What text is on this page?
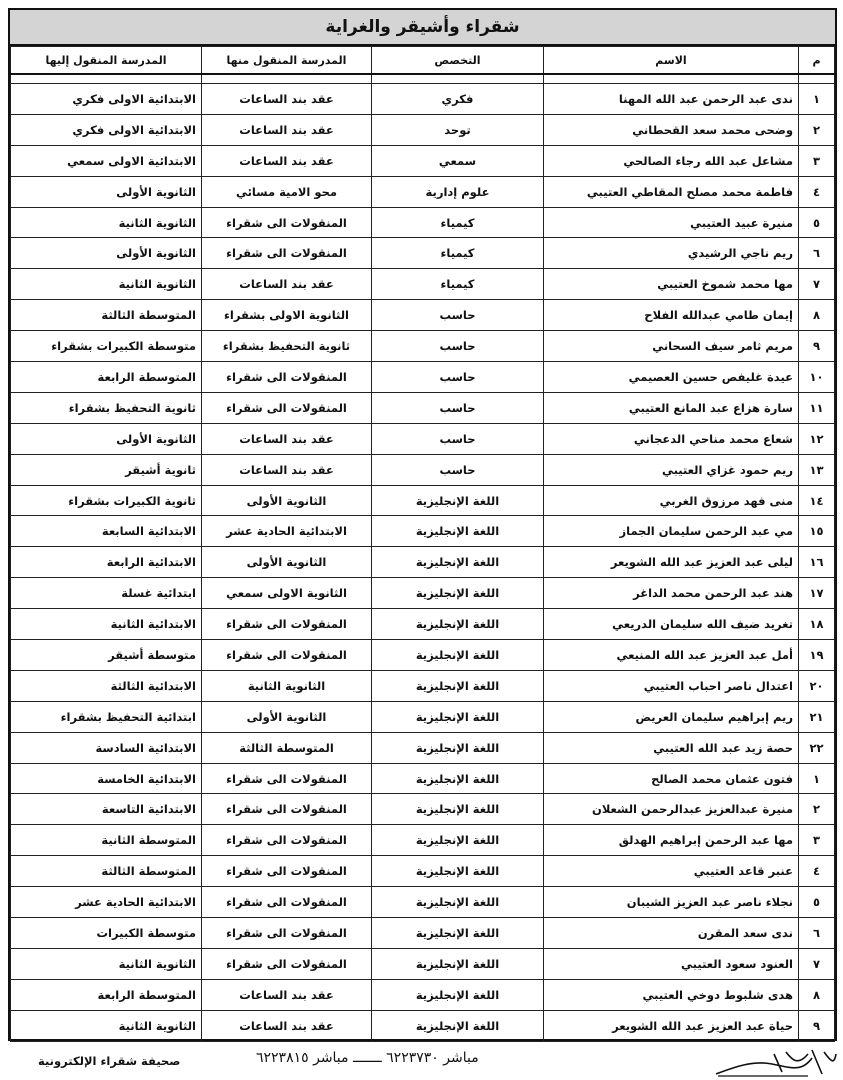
شقراء وأشيقر والغراية
م	الاسم	التخصص	المدرسة المنقول منها	المدرسة المنقول إليها

١	ندى عبد الرحمن عبد الله المهنا	فكري	عقد بند الساعات	الابتدائية الاولى فكري
٢	وضحى محمد سعد القحطاني	توحد	عقد بند الساعات	الابتدائية الاولى فكري
٣	مشاعل عبد الله رجاء الصالحي	سمعي	عقد بند الساعات	الابتدائية الاولى سمعي
٤	فاطمة محمد مصلح المقاطي العتيبي	علوم إدارية	محو الامية مسائي	الثانوية الأولى
٥	منيرة عبيد العتيبي	كيمياء	المنقولات الى شقراء	الثانوية الثانية
٦	ريم ناجي الرشيدي	كيمياء	المنقولات الى شقراء	الثانوية الأولى
٧	مها محمد شموخ العتيبي	كيمياء	عقد بند الساعات	الثانوية الثانية
٨	إيمان طامي عبدالله الفلاح	حاسب	الثانوية الاولى بشقراء	المتوسطة الثالثة
٩	مريم ثامر سيف السحاني	حاسب	ثانوية التحفيظ بشقراء	متوسطة الكبيرات بشقراء
١٠	عيدة غليفص حسين العصيمي	حاسب	المنقولات الى شقراء	المتوسطة الرابعة
١١	سارة هزاع عبد المانع العتيبي	حاسب	المنقولات الى شقراء	ثانوية التحفيظ بشقراء
١٢	شعاع محمد مناحي الدعجاني	حاسب	عقد بند الساعات	الثانوية الأولى
١٣	ريم حمود غزاي العتيبي	حاسب	عقد بند الساعات	ثانوية أشيقر
١٤	منى فهد مرزوق الغربي	اللغة الإنجليزية	الثانوية الأولى	ثانوية الكبيرات بشقراء
١٥	مي عبد الرحمن سليمان الجماز	اللغة الإنجليزية	الابتدائية الحادية عشر	الابتدائية السابعة
١٦	ليلى عبد العزيز عبد الله الشويعر	اللغة الإنجليزية	الثانوية الأولى	الابتدائية الرابعة
١٧	هند عبد الرحمن محمد الداغر	اللغة الإنجليزية	الثانوية الاولى سمعي	ابتدائية غسلة
١٨	تغريد ضيف الله سليمان الدريعي	اللغة الإنجليزية	المنقولات الى شقراء	الابتدائية الثانية
١٩	أمل عبد العزيز عبد الله المنيعي	اللغة الإنجليزية	المنقولات الى شقراء	متوسطة أشيقر
٢٠	اعتدال ناصر احباب العتيبي	اللغة الإنجليزية	الثانوية الثانية	الابتدائية الثالثة
٢١	ريم إبراهيم سليمان العريض	اللغة الإنجليزية	الثانوية الأولى	ابتدائية التحفيظ بشقراء
٢٢	حصة زيد عبد الله العتيبي	اللغة الإنجليزية	المتوسطة الثالثة	الابتدائية السادسة
١	فتون عثمان محمد الصالح	اللغة الإنجليزية	المنقولات الى شقراء	الابتدائية الخامسة
٢	منيرة عبدالعزيز عبدالرحمن الشعلان	اللغة الإنجليزية	المنقولات الى شقراء	الابتدائية التاسعة
٣	مها عبد الرحمن إبراهيم الهدلق	اللغة الإنجليزية	المنقولات الى شقراء	المتوسطة الثانية
٤	عنبر قاعد العتيبي	اللغة الإنجليزية	المنقولات الى شقراء	المتوسطة الثالثة
٥	نجلاء ناصر عبد العزيز الشيبان	اللغة الإنجليزية	المنقولات الى شقراء	الابتدائية الحادية عشر
٦	ندى سعد المقرن	اللغة الإنجليزية	المنقولات الى شقراء	متوسطة الكبيرات
٧	العنود سعود العتيبي	اللغة الإنجليزية	المنقولات الى شقراء	الثانوية الثانية
٨	هدى شلبوط دوخي العتيبي	اللغة الإنجليزية	عقد بند الساعات	المتوسطة الرابعة
٩	حياة عبد العزيز عبد الله الشويعر	اللغة الإنجليزية	عقد بند الساعات	الثانوية الثانية
مباشر ٦٢٢٣٧٣٠ ـــــــ مباشر ٦٢٢٣٨١٥
صحيفة شقراء الإلكترونية
